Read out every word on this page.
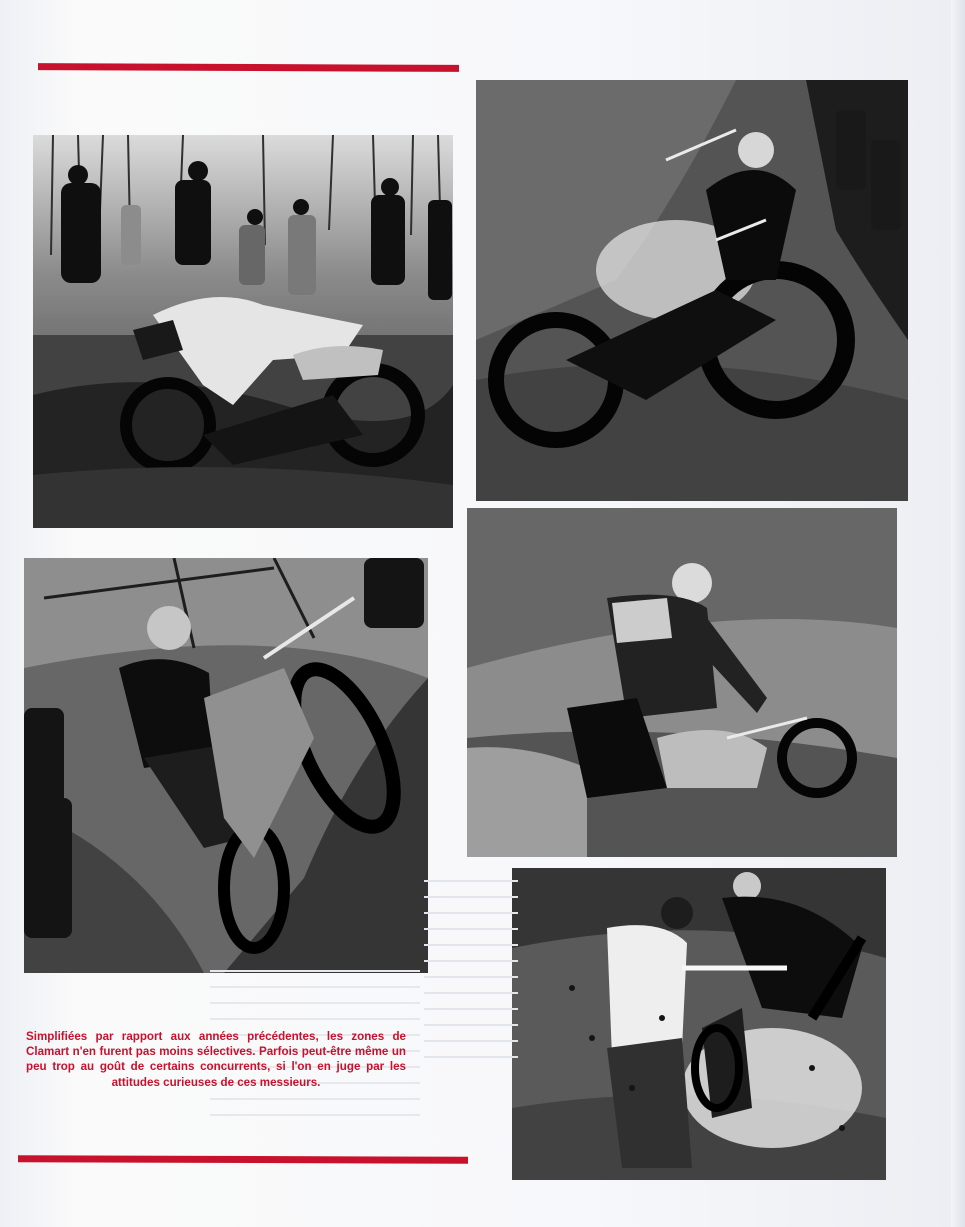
Simplifiées par rapport aux années précédentes, les zones de Clamart n'en furent pas moins sélectives. Parfois peut-être même un peu trop au goût de certains concurrents, si l'on en juge par les attitudes curieuses de ces messieurs.
